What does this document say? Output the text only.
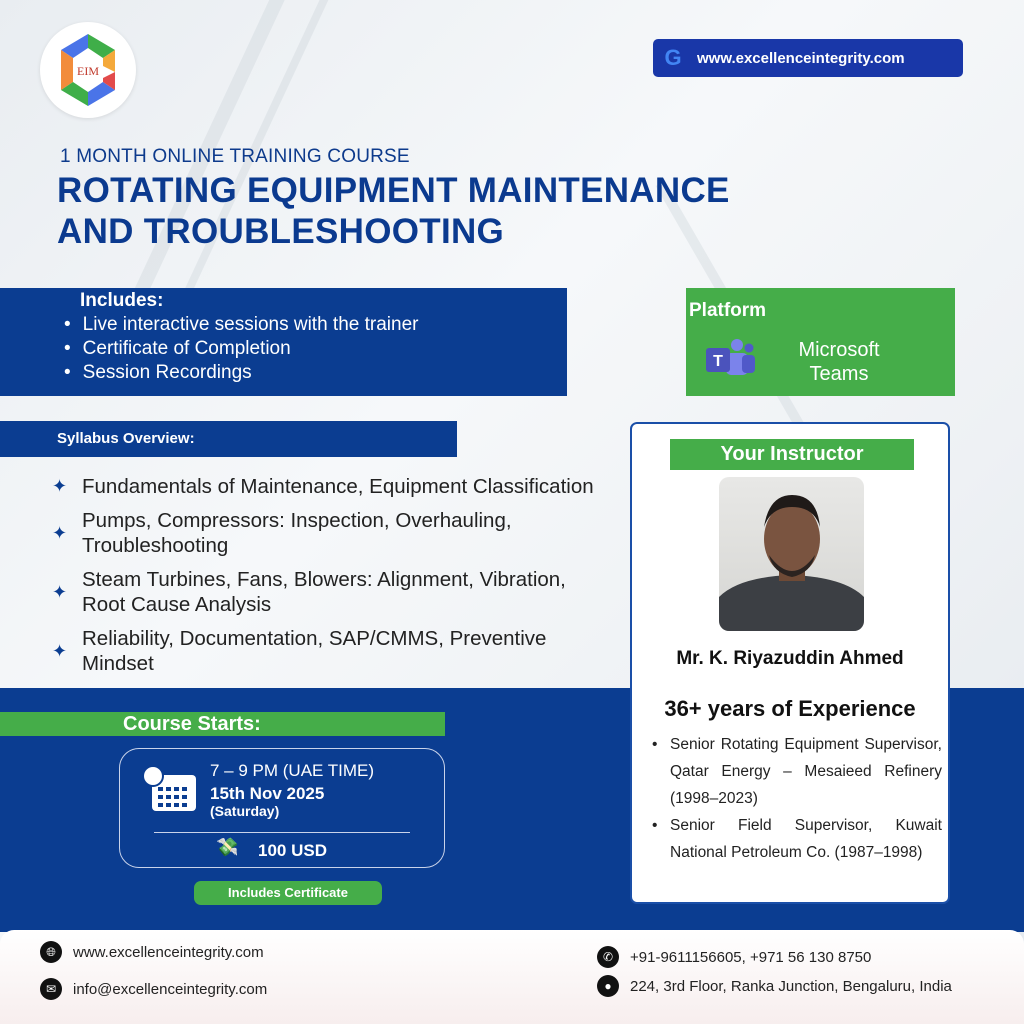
EIM
G	www.excellenceintegrity.com
1 MONTH ONLINE TRAINING COURSE
ROTATING EQUIPMENT MAINTENANCE
AND TROUBLESHOOTING
Includes:
• Live interactive sessions with the trainer
• Certificate of Completion
• Session Recordings
Platform
T
Microsoft
Teams
Syllabus Overview:
✦ Fundamentals of Maintenance, Equipment Classification
✦
Pumps, Compressors: Inspection, Overhauling, Troubleshooting
✦
Steam Turbines, Fans, Blowers: Alignment, Vibration, Root Cause Analysis
✦
Reliability, Documentation, SAP/CMMS, Preventive Mindset
Your Instructor
Mr. K. Riyazuddin Ahmed
36+ years of Experience
• Senior Rotating Equipment Supervisor, Qatar Energy – Mesaieed Refinery (1998–2023)
• Senior Field Supervisor, Kuwait National Petroleum Co. (1987–1998)
Course Starts:
7 – 9 PM (UAE TIME)
15th Nov 2025
(Saturday)
💸 100 USD
Includes Certificate
🌐︎	www.excellenceintegrity.com
✉	info@excellenceintegrity.com
✆	+91-9611156605, +971 56 130 8750
●	224, 3rd Floor, Ranka Junction, Bengaluru, India
